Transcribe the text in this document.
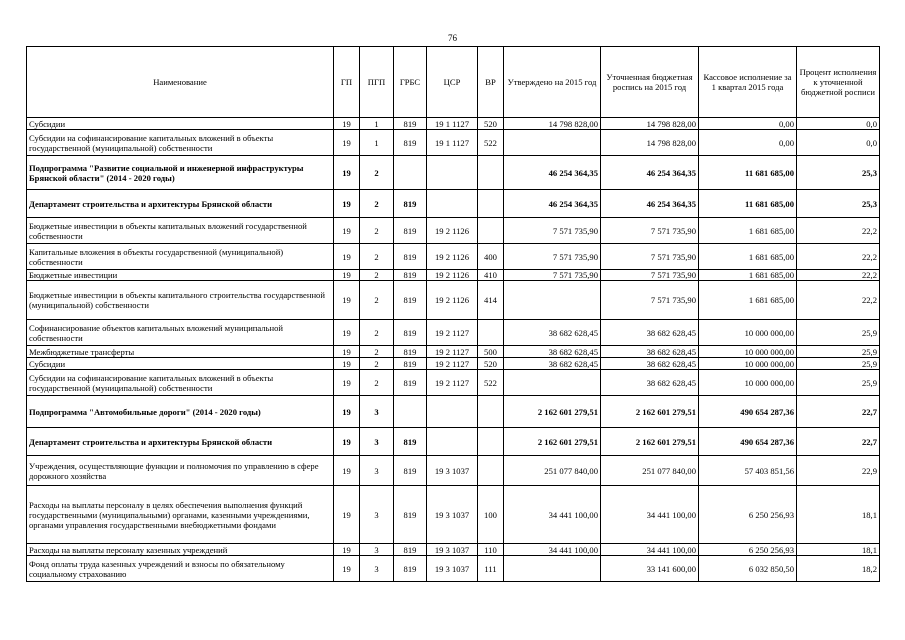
76
Наименование	ГП	ПГП	ГРБС	ЦСР	ВР	Утверждено на 2015 год	Уточненная бюджетная роспись на 2015 год	Кассовое исполнение за 1 квартал 2015 года	Процент исполнения к уточненной бюджетной росписи
Субсидии	19	1	819	19 1 1127	520	14 798 828,00	14 798 828,00	0,00	0,0
Субсидии на софинансирование капитальных вложений в объекты государственной (муниципальной) собственности	19	1	819	19 1 1127	522		14 798 828,00	0,00	0,0
Подпрограмма "Развитие социальной и инженерной инфраструктуры Брянской области" (2014 - 2020 годы)	19	2				46 254 364,35	46 254 364,35	11 681 685,00	25,3
Департамент строительства и архитектуры Брянской области	19	2	819			46 254 364,35	46 254 364,35	11 681 685,00	25,3
Бюджетные инвестиции в объекты капитальных вложений государственной собственности	19	2	819	19 2 1126		7 571 735,90	7 571 735,90	1 681 685,00	22,2
Капитальные вложения в объекты государственной (муниципальной) собственности	19	2	819	19 2 1126	400	7 571 735,90	7 571 735,90	1 681 685,00	22,2
Бюджетные инвестиции	19	2	819	19 2 1126	410	7 571 735,90	7 571 735,90	1 681 685,00	22,2
Бюджетные инвестиции в объекты капитального строительства государственной (муниципальной) собственности	19	2	819	19 2 1126	414		7 571 735,90	1 681 685,00	22,2
Софинансирование объектов капитальных вложений муниципальной собственности	19	2	819	19 2 1127		38 682 628,45	38 682 628,45	10 000 000,00	25,9
Межбюджетные трансферты	19	2	819	19 2 1127	500	38 682 628,45	38 682 628,45	10 000 000,00	25,9
Субсидии	19	2	819	19 2 1127	520	38 682 628,45	38 682 628,45	10 000 000,00	25,9
Субсидии на софинансирование капитальных вложений в объекты государственной (муниципальной) собственности	19	2	819	19 2 1127	522		38 682 628,45	10 000 000,00	25,9
Подпрограмма "Автомобильные дороги" (2014 - 2020 годы)	19	3				2 162 601 279,51	2 162 601 279,51	490 654 287,36	22,7
Департамент строительства и архитектуры Брянской области	19	3	819			2 162 601 279,51	2 162 601 279,51	490 654 287,36	22,7
Учреждения, осуществляющие функции и полномочия по управлению в сфере дорожного хозяйства	19	3	819	19 3 1037		251 077 840,00	251 077 840,00	57 403 851,56	22,9
Расходы на выплаты персоналу в целях обеспечения выполнения функций государственными (муниципальными) органами, казенными учреждениями, органами управления государственными внебюджетными фондами	19	3	819	19 3 1037	100	34 441 100,00	34 441 100,00	6 250 256,93	18,1
Расходы на выплаты персоналу казенных учреждений	19	3	819	19 3 1037	110	34 441 100,00	34 441 100,00	6 250 256,93	18,1
Фонд оплаты труда казенных учреждений и взносы по обязательному социальному страхованию	19	3	819	19 3 1037	111		33 141 600,00	6 032 850,50	18,2
